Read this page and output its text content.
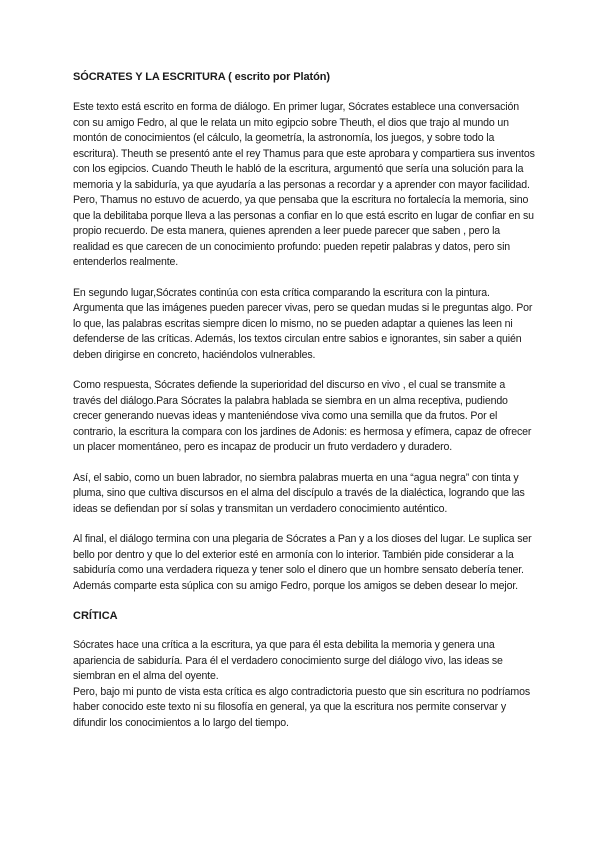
SÓCRATES Y LA ESCRITURA ( escrito por Platón)

Este texto está escrito en forma de diálogo. En primer lugar, Sócrates establece una conversación con su amigo Fedro, al que le relata un mito egipcio sobre Theuth, el dios que trajo al mundo un montón de conocimientos (el cálculo, la geometría, la astronomía, los juegos, y sobre todo la escritura). Theuth se presentó ante el rey Thamus para que este aprobara y compartiera sus inventos con los egipcios. Cuando Theuth le habló de la escritura, argumentó que sería una solución para la memoria y la sabiduría, ya que ayudaría a las personas a recordar y a aprender con mayor facilidad. Pero, Thamus no estuvo de acuerdo, ya que pensaba que la escritura no fortalecía la memoria, sino que la debilitaba porque lleva a las personas a confiar en lo que está escrito en lugar de confiar en su propio recuerdo. De esta manera, quienes aprenden a leer puede parecer que saben , pero la realidad es que carecen de un conocimiento profundo: pueden repetir palabras y datos, pero sin entenderlos realmente.

En segundo lugar,Sócrates continúa con esta crítica comparando la escritura con la pintura. Argumenta que las imágenes pueden parecer vivas, pero se quedan mudas si le preguntas algo. Por lo que, las palabras escritas siempre dicen lo mismo, no se pueden adaptar a quienes las leen ni defenderse de las críticas. Además, los textos circulan entre sabios e ignorantes, sin saber a quién deben dirigirse en concreto, haciéndolos vulnerables.

Como respuesta, Sócrates defiende la superioridad del discurso en vivo , el cual se transmite a través del diálogo.Para Sócrates la palabra hablada se siembra en un alma receptiva, pudiendo crecer generando nuevas ideas y manteniéndose viva como una semilla que da frutos. Por el contrario, la escritura la compara con los jardines de Adonis: es hermosa y efímera, capaz de ofrecer un placer momentáneo, pero es incapaz de producir un fruto verdadero y duradero.

Así, el sabio, como un buen labrador, no siembra palabras muerta en una “agua negra” con tinta y pluma, sino que cultiva discursos en el alma del discípulo a través de la dialéctica, logrando que las ideas se defiendan por sí solas y transmitan un verdadero conocimiento auténtico.

Al final, el diálogo termina con una plegaria de Sócrates a Pan y a los dioses del lugar. Le suplica ser bello por dentro y que lo del exterior esté en armonía con lo interior. También pide considerar a la sabiduría como una verdadera riqueza y tener solo el dinero que un hombre sensato debería tener. Además comparte esta súplica con su amigo Fedro, porque los amigos se deben desear lo mejor.

CRÍTICA

Sócrates hace una crítica a la escritura, ya que para él esta debilita la memoria y genera una apariencia de sabiduría. Para él el verdadero conocimiento surge del diálogo vivo, las ideas se siembran en el alma del oyente.

Pero, bajo mi punto de vista esta crítica es algo contradictoria puesto que sin escritura no podríamos haber conocido este texto ni su filosofía en general, ya que la escritura nos permite conservar y difundir los conocimientos a lo largo del tiempo.
